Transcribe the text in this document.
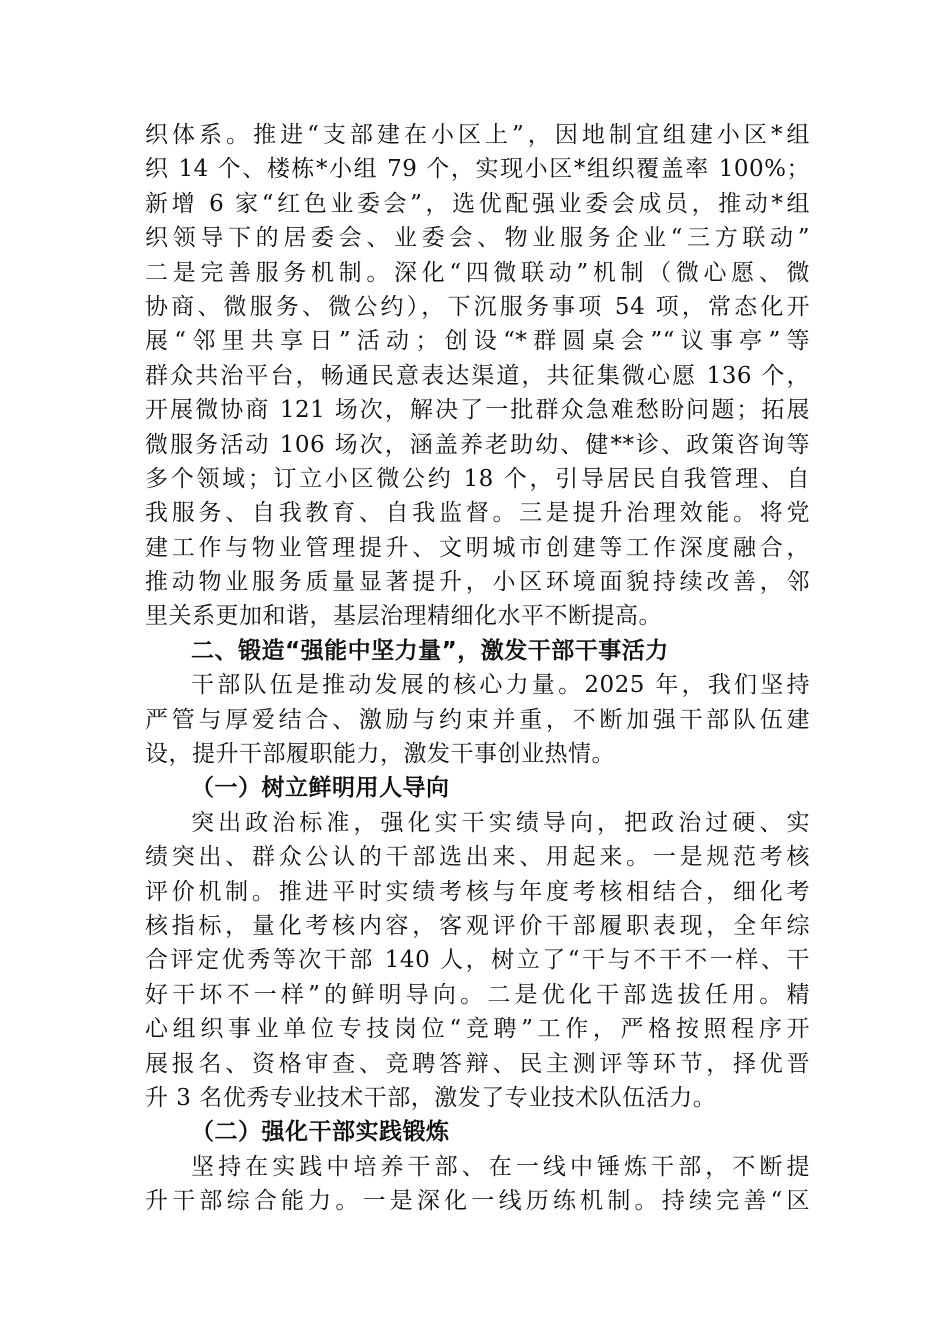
织体系。推进“支部建在小区上”，因地制宜组建小区*组
织 14 个、楼栋*小组 79 个，实现小区*组织覆盖率 100%；
新增 6 家“红色业委会”，选优配强业委会成员，推动*组
织领导下的居委会、业委会、物业服务企业“三方联动”
二是完善服务机制。深化“四微联动”机制（微心愿、微
协商、微服务、微公约），下沉服务事项 54 项，常态化开
展“邻里共享日”活动；创设“*群圆桌会”“议事亭”等
群众共治平台，畅通民意表达渠道，共征集微心愿 136 个，
开展微协商 121 场次，解决了一批群众急难愁盼问题；拓展
微服务活动 106 场次，涵盖养老助幼、健**诊、政策咨询等
多个领域；订立小区微公约 18 个，引导居民自我管理、自
我服务、自我教育、自我监督。三是提升治理效能。将党
建工作与物业管理提升、文明城市创建等工作深度融合，
推动物业服务质量显著提升，小区环境面貌持续改善，邻
里关系更加和谐，基层治理精细化水平不断提高。
二、锻造“强能中坚力量”，激发干部干事活力
干部队伍是推动发展的核心力量。2025 年，我们坚持
严管与厚爱结合、激励与约束并重，不断加强干部队伍建
设，提升干部履职能力，激发干事创业热情。
（一）树立鲜明用人导向
突出政治标准，强化实干实绩导向，把政治过硬、实
绩突出、群众公认的干部选出来、用起来。一是规范考核
评价机制。推进平时实绩考核与年度考核相结合，细化考
核指标，量化考核内容，客观评价干部履职表现，全年综
合评定优秀等次干部 140 人，树立了“干与不干不一样、干
好干坏不一样”的鲜明导向。二是优化干部选拔任用。精
心组织事业单位专技岗位“竞聘”工作，严格按照程序开
展报名、资格审查、竞聘答辩、民主测评等环节，择优晋
升 3 名优秀专业技术干部，激发了专业技术队伍活力。
（二）强化干部实践锻炼
坚持在实践中培养干部、在一线中锤炼干部，不断提
升干部综合能力。一是深化一线历练机制。持续完善“区
